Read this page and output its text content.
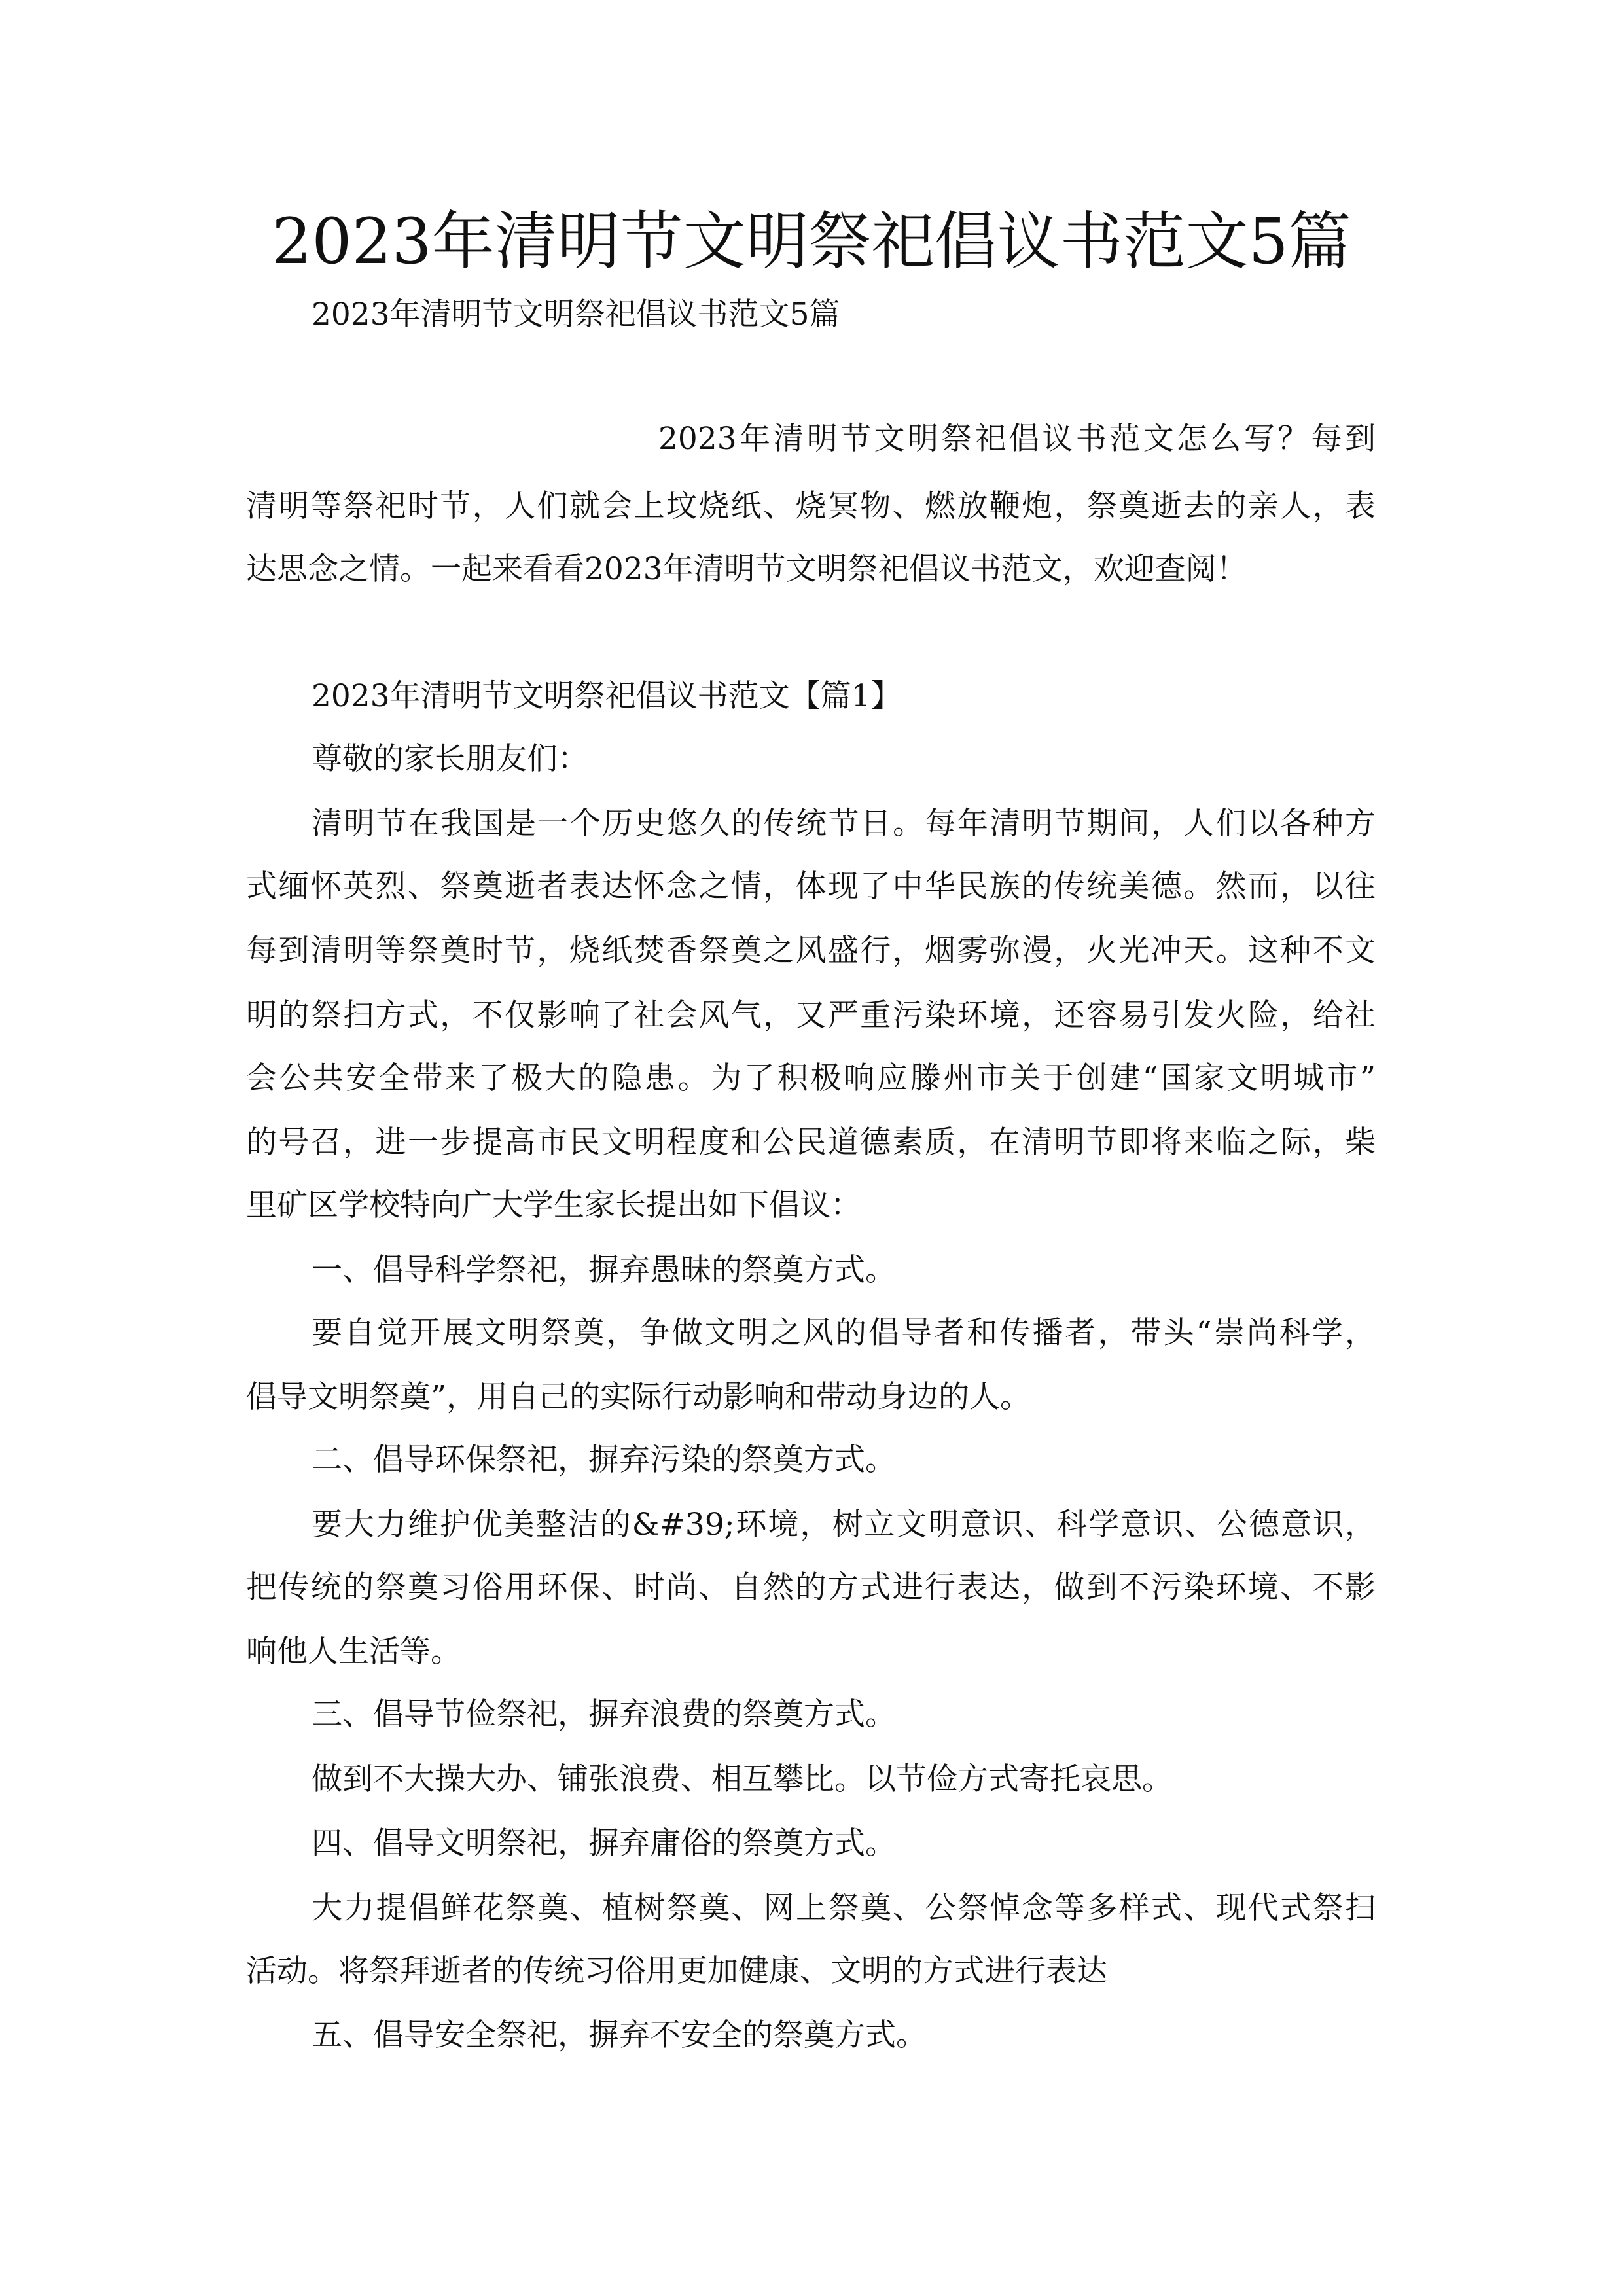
2023年清明节文明祭祀倡议书范文5篇
2023年清明节文明祭祀倡议书范文5篇
2023年清明节文明祭祀倡议书范文怎么写？每到
清明等祭祀时节，人们就会上坟烧纸、烧冥物、燃放鞭炮，祭奠逝去的亲人，表
达思念之情。一起来看看2023年清明节文明祭祀倡议书范文，欢迎查阅！
2023年清明节文明祭祀倡议书范文【篇1】
尊敬的家长朋友们：
清明节在我国是一个历史悠久的传统节日。每年清明节期间，人们以各种方
式缅怀英烈、祭奠逝者表达怀念之情，体现了中华民族的传统美德。然而，以往
每到清明等祭奠时节，烧纸焚香祭奠之风盛行，烟雾弥漫，火光冲天。这种不文
明的祭扫方式，不仅影响了社会风气，又严重污染环境，还容易引发火险，给社
会公共安全带来了极大的隐患。为了积极响应滕州市关于创建“国家文明城市”
的号召，进一步提高市民文明程度和公民道德素质，在清明节即将来临之际，柴
里矿区学校特向广大学生家长提出如下倡议：
一、倡导科学祭祀，摒弃愚昧的祭奠方式。
要自觉开展文明祭奠，争做文明之风的倡导者和传播者，带头“崇尚科学，
倡导文明祭奠”，用自己的实际行动影响和带动身边的人。
二、倡导环保祭祀，摒弃污染的祭奠方式。
要大力维护优美整洁的&#39;环境，树立文明意识、科学意识、公德意识，
把传统的祭奠习俗用环保、时尚、自然的方式进行表达，做到不污染环境、不影
响他人生活等。
三、倡导节俭祭祀，摒弃浪费的祭奠方式。
做到不大操大办、铺张浪费、相互攀比。以节俭方式寄托哀思。
四、倡导文明祭祀，摒弃庸俗的祭奠方式。
大力提倡鲜花祭奠、植树祭奠、网上祭奠、公祭悼念等多样式、现代式祭扫
活动。将祭拜逝者的传统习俗用更加健康、文明的方式进行表达
五、倡导安全祭祀，摒弃不安全的祭奠方式。
